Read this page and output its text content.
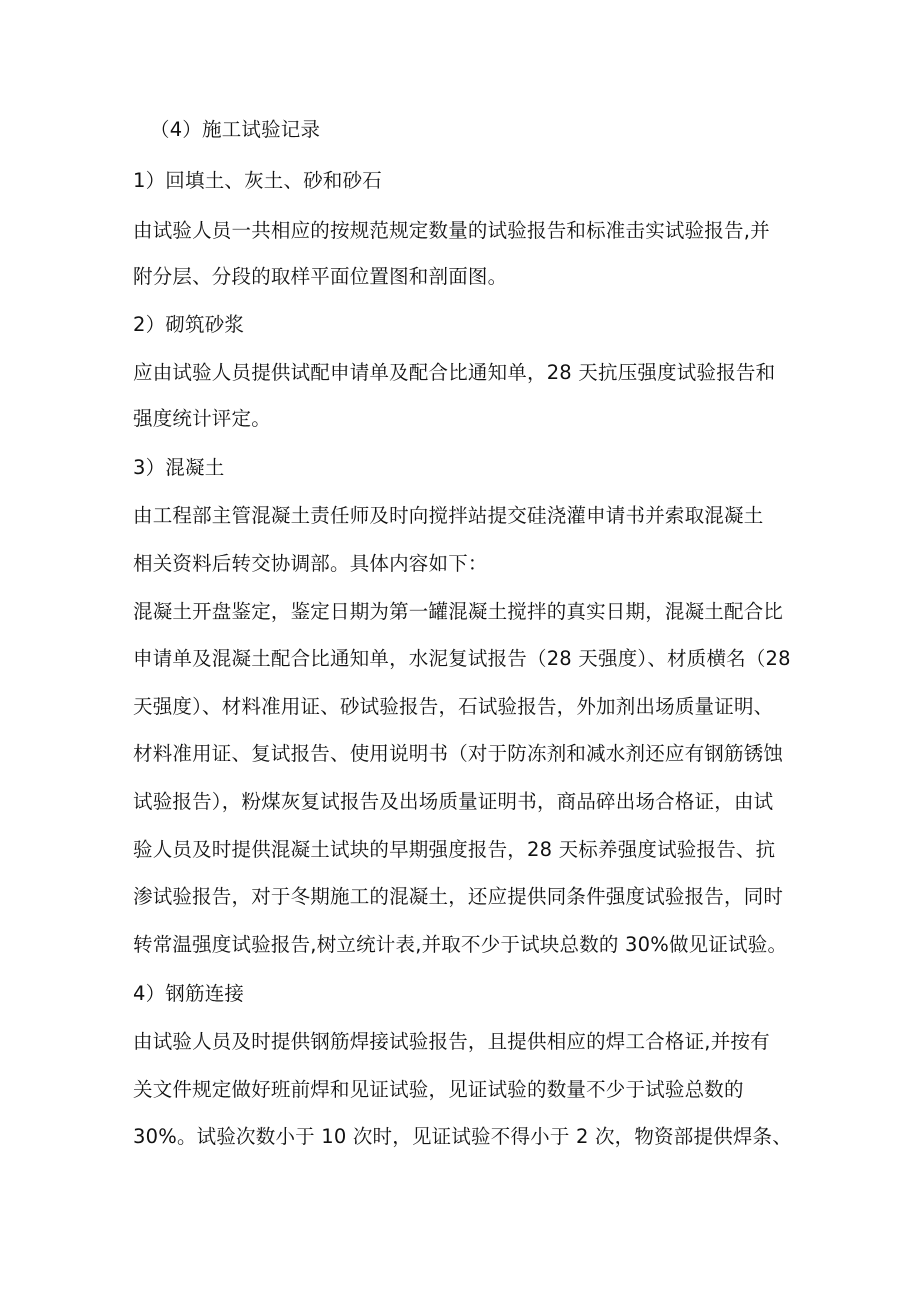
（4）施工试验记录
1）回填土、灰土、砂和砂石
由试验人员一共相应的按规范规定数量的试验报告和标准击实试验报告,并
附分层、分段的取样平面位置图和剖面图。
2）砌筑砂浆
应由试验人员提供试配申请单及配合比通知单，28 天抗压强度试验报告和
强度统计评定。
3）混凝土
由工程部主管混凝土责任师及时向搅拌站提交硅浇灌申请书并索取混凝土
相关资料后转交协调部。具体内容如下：
混凝土开盘鉴定，鉴定日期为第一罐混凝土搅拌的真实日期，混凝土配合比
申请单及混凝土配合比通知单，水泥复试报告（28 天强度）、材质横名（28
天强度）、材料准用证、砂试验报告，石试验报告，外加剂出场质量证明、
材料准用证、复试报告、使用说明书（对于防冻剂和减水剂还应有钢筋锈蚀
试验报告），粉煤灰复试报告及出场质量证明书，商品碎出场合格证，由试
验人员及时提供混凝土试块的早期强度报告，28 天标养强度试验报告、抗
渗试验报告，对于冬期施工的混凝土，还应提供同条件强度试验报告，同时
转常温强度试验报告,树立统计表,并取不少于试块总数的 30%做见证试验。
4）钢筋连接
由试验人员及时提供钢筋焊接试验报告，且提供相应的焊工合格证,并按有
关文件规定做好班前焊和见证试验，见证试验的数量不少于试验总数的
30%。试验次数小于 10 次时，见证试验不得小于 2 次，物资部提供焊条、
